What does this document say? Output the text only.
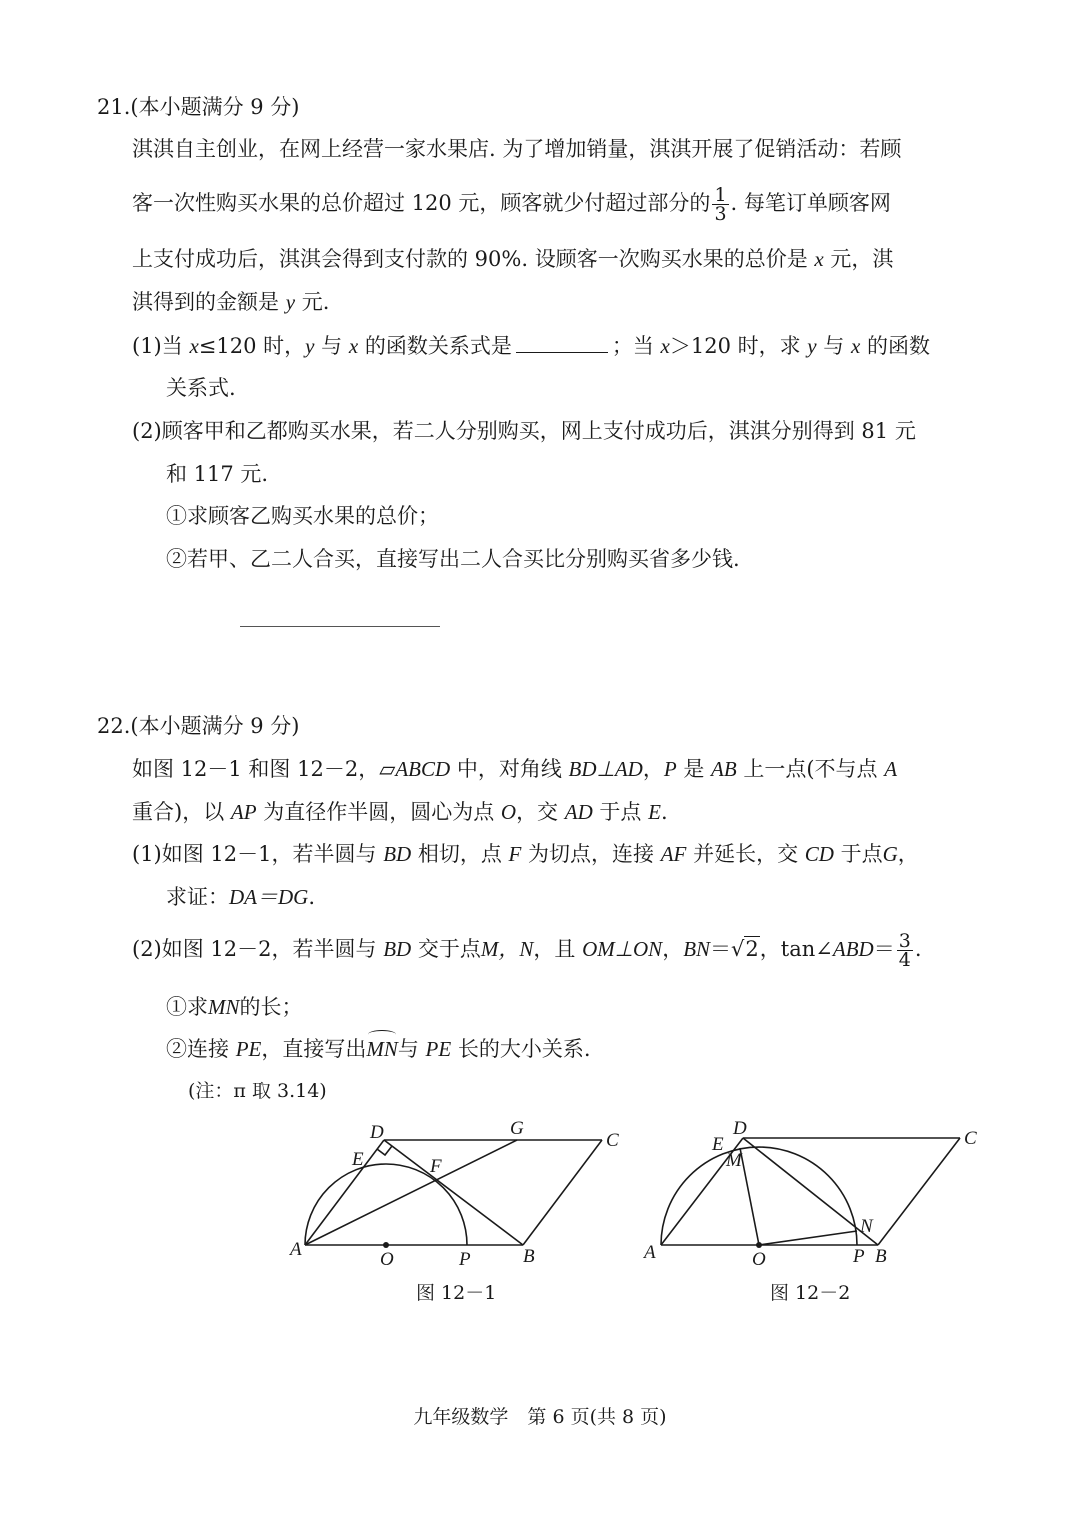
21.(本小题满分 9 分)
淇淇自主创业，在网上经营一家水果店. 为了增加销量，淇淇开展了促销活动：若顾
客一次性购买水果的总价超过 120 元，顾客就少付超过部分的 $\frac{1}{3}$ . 每笔订单顾客网
上支付成功后，淇淇会得到支付款的 90%. 设顾客一次购买水果的总价是 x 元，淇
淇得到的金额是 y 元.
(1)当 x≤120 时，y 与 x 的函数关系式是	；当 x＞120 时，求 y 与 x 的函数
关系式.
(2)顾客甲和乙都购买水果，若二人分别购买，网上支付成功后，淇淇分别得到 81 元
和 117 元.
①求顾客乙购买水果的总价；
②若甲、乙二人合买，直接写出二人合买比分别购买省多少钱.
22.(本小题满分 9 分)
如图 12－1 和图 12－2，▱ABCD 中，对角线 BD⊥AD，P 是 AB 上一点(不与点 A
重合)，以 AP 为直径作半圆，圆心为点 O，交 AD 于点 E.
(1)如图 12－1，若半圆与 BD 相切，点 F 为切点，连接 AF 并延长，交 CD 于点G，
求证：DA＝DG.
(2)如图 12－2，若半圆与 BD 交于点M，N，且 OM⊥ON，BN＝√2，tan∠ABD＝ $\frac{3}{4}$ .
①求MN的长；
②连接 PE，直接写出MN与 PE 长的大小关系.
(注：π 取 3.14)
D	G
C
E	F
A	O	P	B
图 12－1
E
D	C
M
N
A	O	P B
图 12－2
九年级数学　第 6 页(共 8 页)
